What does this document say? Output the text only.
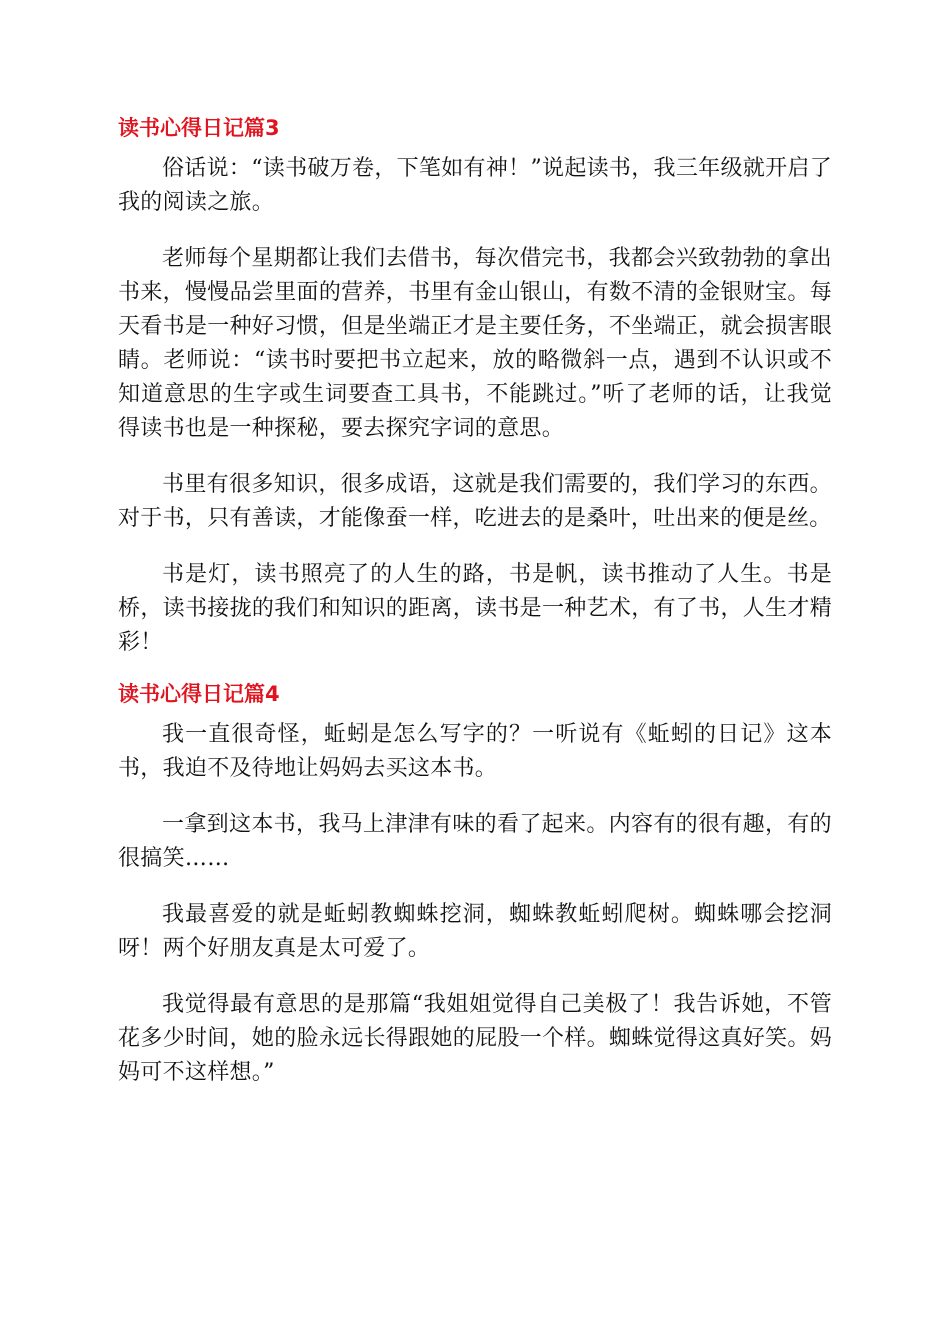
读书心得日记篇3

俗话说：“读书破万卷，下笔如有神！”说起读书，我三年级就开启了我的阅读之旅。

老师每个星期都让我们去借书，每次借完书，我都会兴致勃勃的拿出书来，慢慢品尝里面的营养，书里有金山银山，有数不清的金银财宝。每天看书是一种好习惯，但是坐端正才是主要任务，不坐端正，就会损害眼睛。老师说：“读书时要把书立起来，放的略微斜一点，遇到不认识或不知道意思的生字或生词要查工具书，不能跳过。”听了老师的话，让我觉得读书也是一种探秘，要去探究字词的意思。

书里有很多知识，很多成语，这就是我们需要的，我们学习的东西。对于书，只有善读，才能像蚕一样，吃进去的是桑叶，吐出来的便是丝。

书是灯，读书照亮了的人生的路，书是帆，读书推动了人生。书是桥，读书接拢的我们和知识的距离，读书是一种艺术，有了书，人生才精彩！

读书心得日记篇4

我一直很奇怪，蚯蚓是怎么写字的？一听说有《蚯蚓的日记》这本书，我迫不及待地让妈妈去买这本书。

一拿到这本书，我马上津津有味的看了起来。内容有的很有趣，有的很搞笑……

我最喜爱的就是蚯蚓教蜘蛛挖洞，蜘蛛教蚯蚓爬树。蜘蛛哪会挖洞呀！两个好朋友真是太可爱了。

我觉得最有意思的是那篇“我姐姐觉得自己美极了！我告诉她，不管花多少时间，她的脸永远长得跟她的屁股一个样。蜘蛛觉得这真好笑。妈妈可不这样想。”
